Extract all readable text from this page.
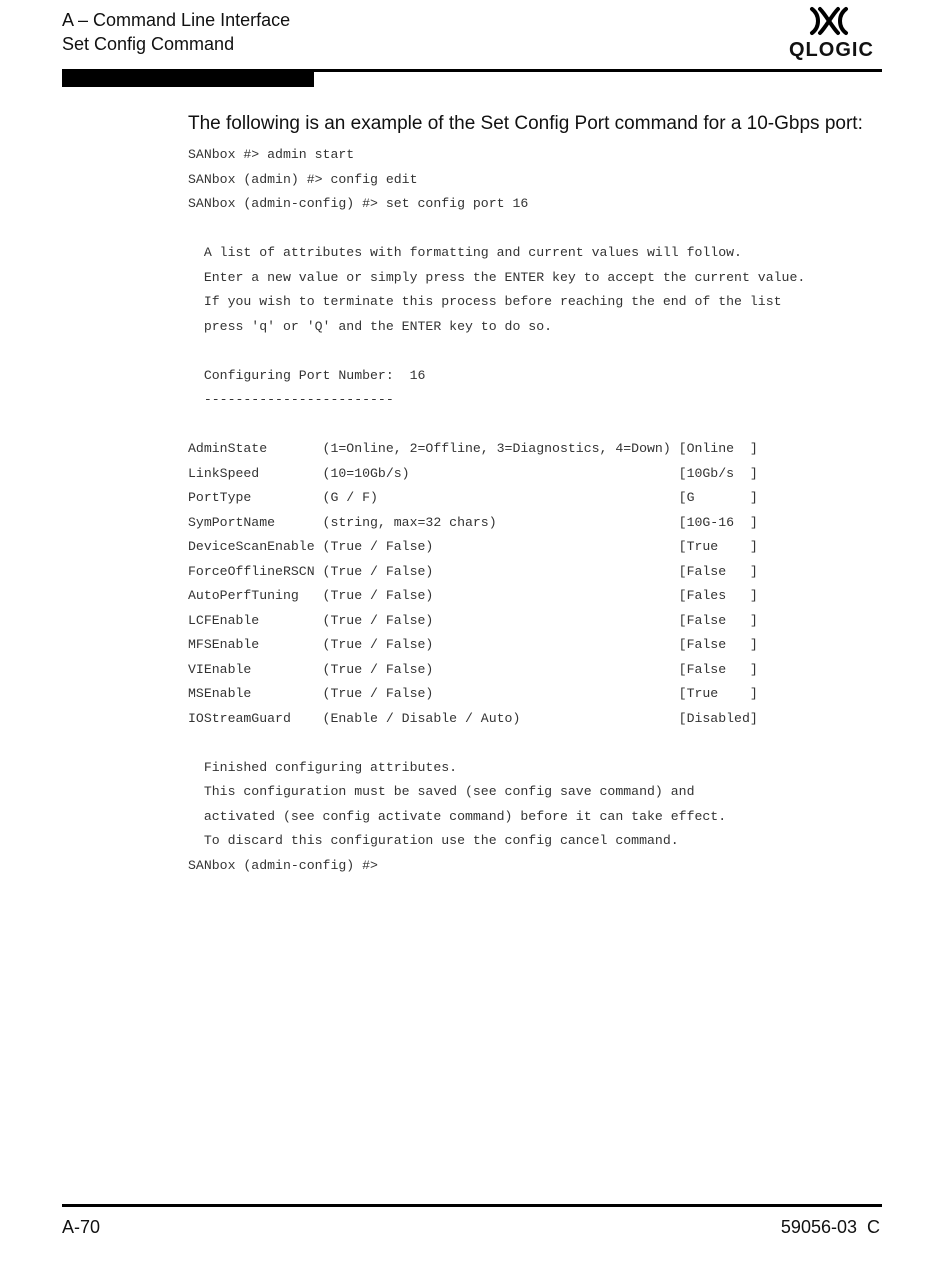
A – Command Line Interface
Set Config Command	QLOGIC
The following is an example of the Set Config Port command for a 10-Gbps port:
SANbox #> admin start
SANbox (admin) #> config edit
SANbox (admin-config) #> set config port 16
A list of attributes with formatting and current values will follow.
Enter a new value or simply press the ENTER key to accept the current value.
If you wish to terminate this process before reaching the end of the list
press 'q' or 'Q' and the ENTER key to do so.
Configuring Port Number:  16
------------------------
AdminState       (1=Online, 2=Offline, 3=Diagnostics, 4=Down) [Online  ]
LinkSpeed        (10=10Gb/s)                                  [10Gb/s  ]
PortType         (G / F)                                      [G       ]
SymPortName      (string, max=32 chars)                       [10G-16  ]
DeviceScanEnable (True / False)                               [True    ]
ForceOfflineRSCN (True / False)                               [False   ]
AutoPerfTuning   (True / False)                               [Fales   ]
LCFEnable        (True / False)                               [False   ]
MFSEnable        (True / False)                               [False   ]
VIEnable         (True / False)                               [False   ]
MSEnable         (True / False)                               [True    ]
IOStreamGuard    (Enable / Disable / Auto)                    [Disabled]
Finished configuring attributes.
This configuration must be saved (see config save command) and
activated (see config activate command) before it can take effect.
To discard this configuration use the config cancel command.
SANbox (admin-config) #>
A-70	59056-03  C
